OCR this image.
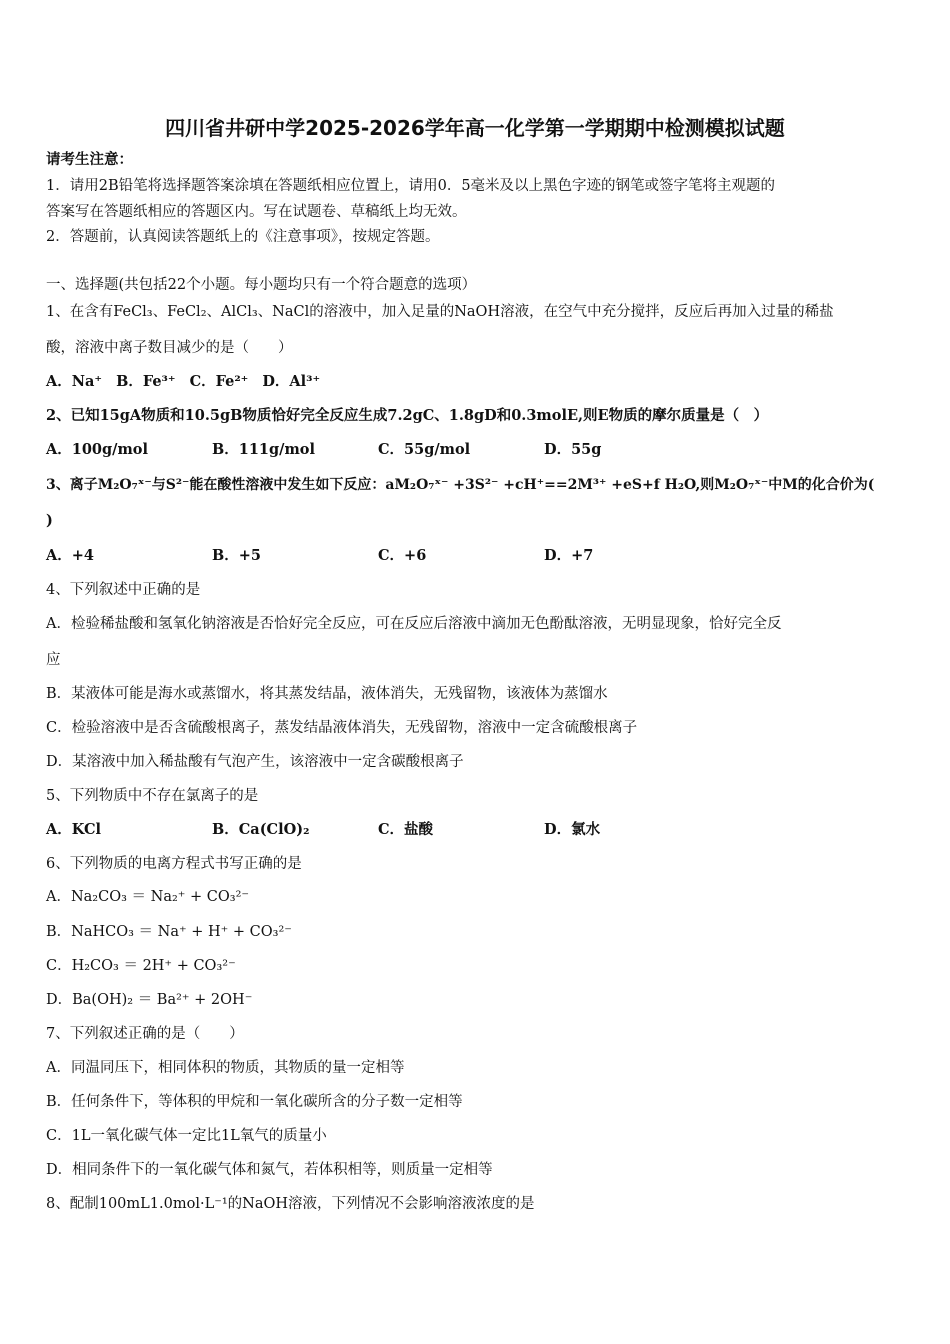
四川省井研中学2025-2026学年高一化学第一学期期中检测模拟试题
请考生注意：
1．请用2B铅笔将选择题答案涂填在答题纸相应位置上，请用0．5毫米及以上黑色字迹的钢笔或签字笔将主观题的
答案写在答题纸相应的答题区内。写在试题卷、草稿纸上均无效。
2．答题前，认真阅读答题纸上的《注意事项》，按规定答题。
一、选择题(共包括22个小题。每小题均只有一个符合题意的选项）
1、在含有FeCl₃、FeCl₂、AlCl₃、NaCl的溶液中，加入足量的NaOH溶液，在空气中充分搅拌，反应后再加入过量的稀盐
酸，溶液中离子数目减少的是（　　）
A．Na⁺ B．Fe³⁺ C．Fe²⁺ D．Al³⁺
2、已知15gA物质和10.5gB物质恰好完全反应生成7.2gC、1.8gD和0.3molE,则E物质的摩尔质量是（　）
A．100g/mol	B．111g/mol	C．55g/mol	D．55g
3、离子M₂O₇ˣ⁻与S²⁻能在酸性溶液中发生如下反应：aM₂O₇ˣ⁻ +3S²⁻ +cH⁺==2M³⁺ +eS+f H₂O,则M₂O₇ˣ⁻中M的化合价为(
)
A．+4	B．+5	C．+6	D．+7
4、下列叙述中正确的是
A．检验稀盐酸和氢氧化钠溶液是否恰好完全反应，可在反应后溶液中滴加无色酚酞溶液，无明显现象，恰好完全反
应
B．某液体可能是海水或蒸馏水，将其蒸发结晶，液体消失，无残留物，该液体为蒸馏水
C．检验溶液中是否含硫酸根离子，蒸发结晶液体消失，无残留物，溶液中一定含硫酸根离子
D．某溶液中加入稀盐酸有气泡产生，该溶液中一定含碳酸根离子
5、下列物质中不存在氯离子的是
A．KCl	B．Ca(ClO)₂	C．盐酸	D．氯水
6、下列物质的电离方程式书写正确的是
A．Na₂CO₃ ＝ Na₂⁺ + CO₃²⁻
B．NaHCO₃ ＝ Na⁺ + H⁺ + CO₃²⁻
C．H₂CO₃ ＝ 2H⁺ + CO₃²⁻
D．Ba(OH)₂ ＝ Ba²⁺ + 2OH⁻
7、下列叙述正确的是（　　）
A．同温同压下，相同体积的物质，其物质的量一定相等
B．任何条件下，等体积的甲烷和一氧化碳所含的分子数一定相等
C．1L一氧化碳气体一定比1L氧气的质量小
D．相同条件下的一氧化碳气体和氮气，若体积相等，则质量一定相等
8、配制100mL1.0mol·L⁻¹的NaOH溶液，下列情况不会影响溶液浓度的是
